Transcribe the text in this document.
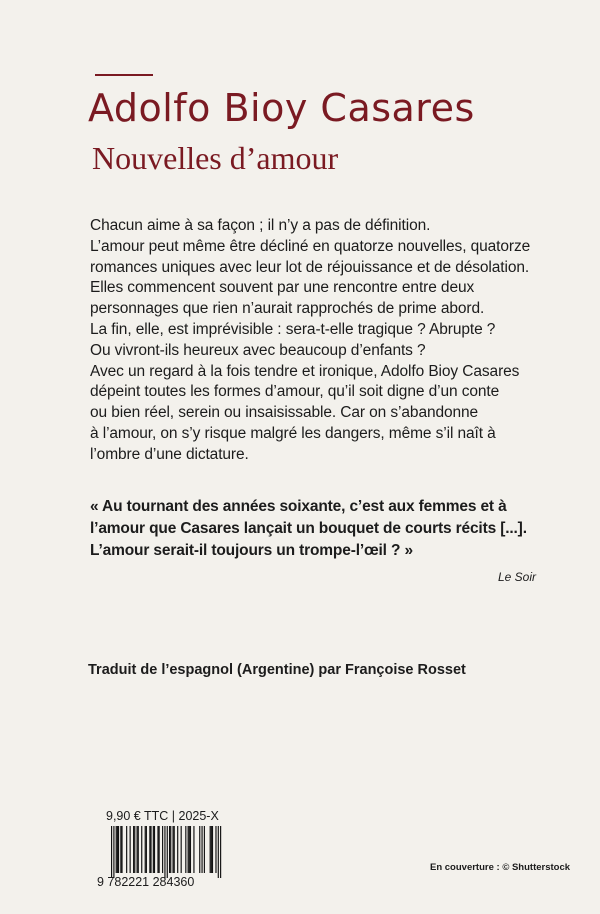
Adolfo Bioy Casares
Nouvelles d’amour
Chacun aime à sa façon ; il n’y a pas de définition.
L’amour peut même être décliné en quatorze nouvelles, quatorze
romances uniques avec leur lot de réjouissance et de désolation.
Elles commencent souvent par une rencontre entre deux
personnages que rien n’aurait rapprochés de prime abord.
La fin, elle, est imprévisible : sera-t-elle tragique ? Abrupte ?
Ou vivront-ils heureux avec beaucoup d’enfants ?
Avec un regard à la fois tendre et ironique, Adolfo Bioy Casares
dépeint toutes les formes d’amour, qu’il soit digne d’un conte
ou bien réel, serein ou insaisissable. Car on s’abandonne
à l’amour, on s’y risque malgré les dangers, même s’il naît à
l’ombre d’une dictature.
« Au tournant des années soixante, c’est aux femmes et à
l’amour que Casares lançait un bouquet de courts récits [...].
L’amour serait-il toujours un trompe-l’œil ? »
Le Soir
Traduit de l’espagnol (Argentine) par Françoise Rosset
9,90 € TTC | 2025-X
9 782221 284360
En couverture : © Shutterstock
